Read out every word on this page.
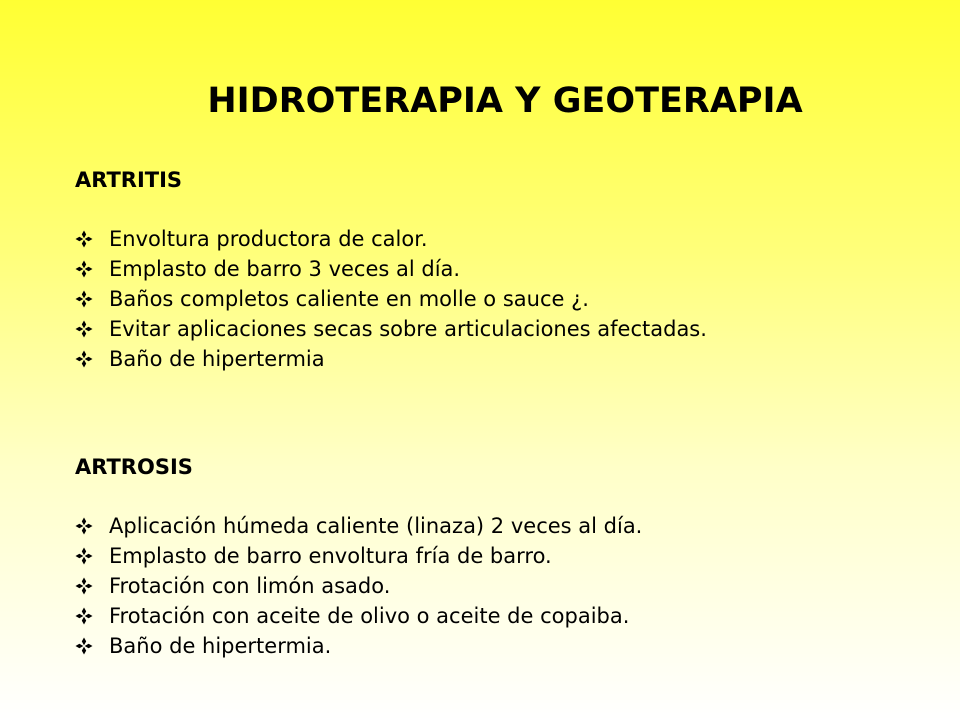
HIDROTERAPIA Y GEOTERAPIA
ARTRITIS
Envoltura productora de calor.
Emplasto de barro 3 veces al día.
Baños completos caliente en molle o sauce ¿.
Evitar aplicaciones secas sobre articulaciones afectadas.
Baño de hipertermia
ARTROSIS
Aplicación húmeda caliente (linaza) 2 veces al día.
Emplasto de barro envoltura fría de barro.
Frotación con limón asado.
Frotación con aceite de olivo o aceite de copaiba.
Baño de hipertermia.
